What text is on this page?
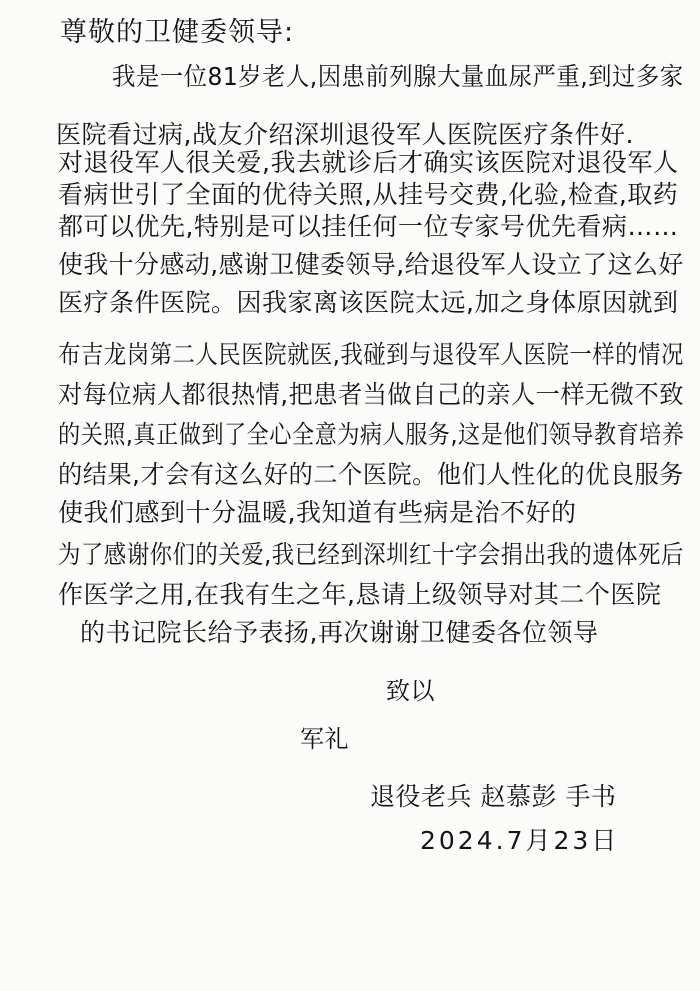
尊敬的卫健委领导:
我是一位81岁老人,因患前列腺大量血尿严重,到过多家
医院看过病,战友介绍深圳退役军人医院医疗条件好.
对退役军人很关爱,我去就诊后才确实该医院对退役军人
看病世引了全面的优待关照,从挂号交费,化验,检查,取药
都可以优先,特别是可以挂任何一位专家号优先看病……
使我十分感动,感谢卫健委领导,给退役军人设立了这么好
医疗条件医院。因我家离该医院太远,加之身体原因就到
布吉龙岗第二人民医院就医,我碰到与退役军人医院一样的情况
对每位病人都很热情,把患者当做自己的亲人一样无微不致
的关照,真正做到了全心全意为病人服务,这是他们领导教育培养
的结果,才会有这么好的二个医院。他们人性化的优良服务
使我们感到十分温暖,我知道有些病是治不好的
为了感谢你们的关爱,我已经到深圳红十字会捐出我的遗体死后
作医学之用,在我有生之年,恳请上级领导对其二个医院
的书记院长给予表扬,再次谢谢卫健委各位领导
致以
军礼
退役老兵 赵慕彭 手书
2024.7月23日
